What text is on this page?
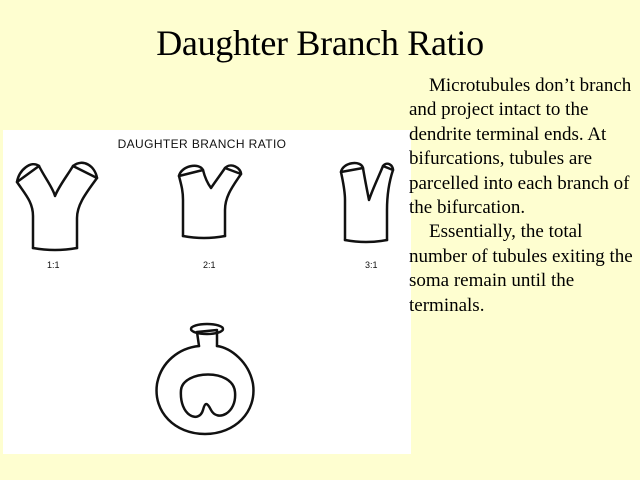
Daughter Branch Ratio
DAUGHTER BRANCH RATIO
1:1	2:1	3:1

Microtubules don’t branch and project intact to the dendrite terminal ends. At bifurcations, tubules are parcelled into each branch of the bifurcation.

Essentially, the total number of tubules exiting the soma remain until the terminals.
